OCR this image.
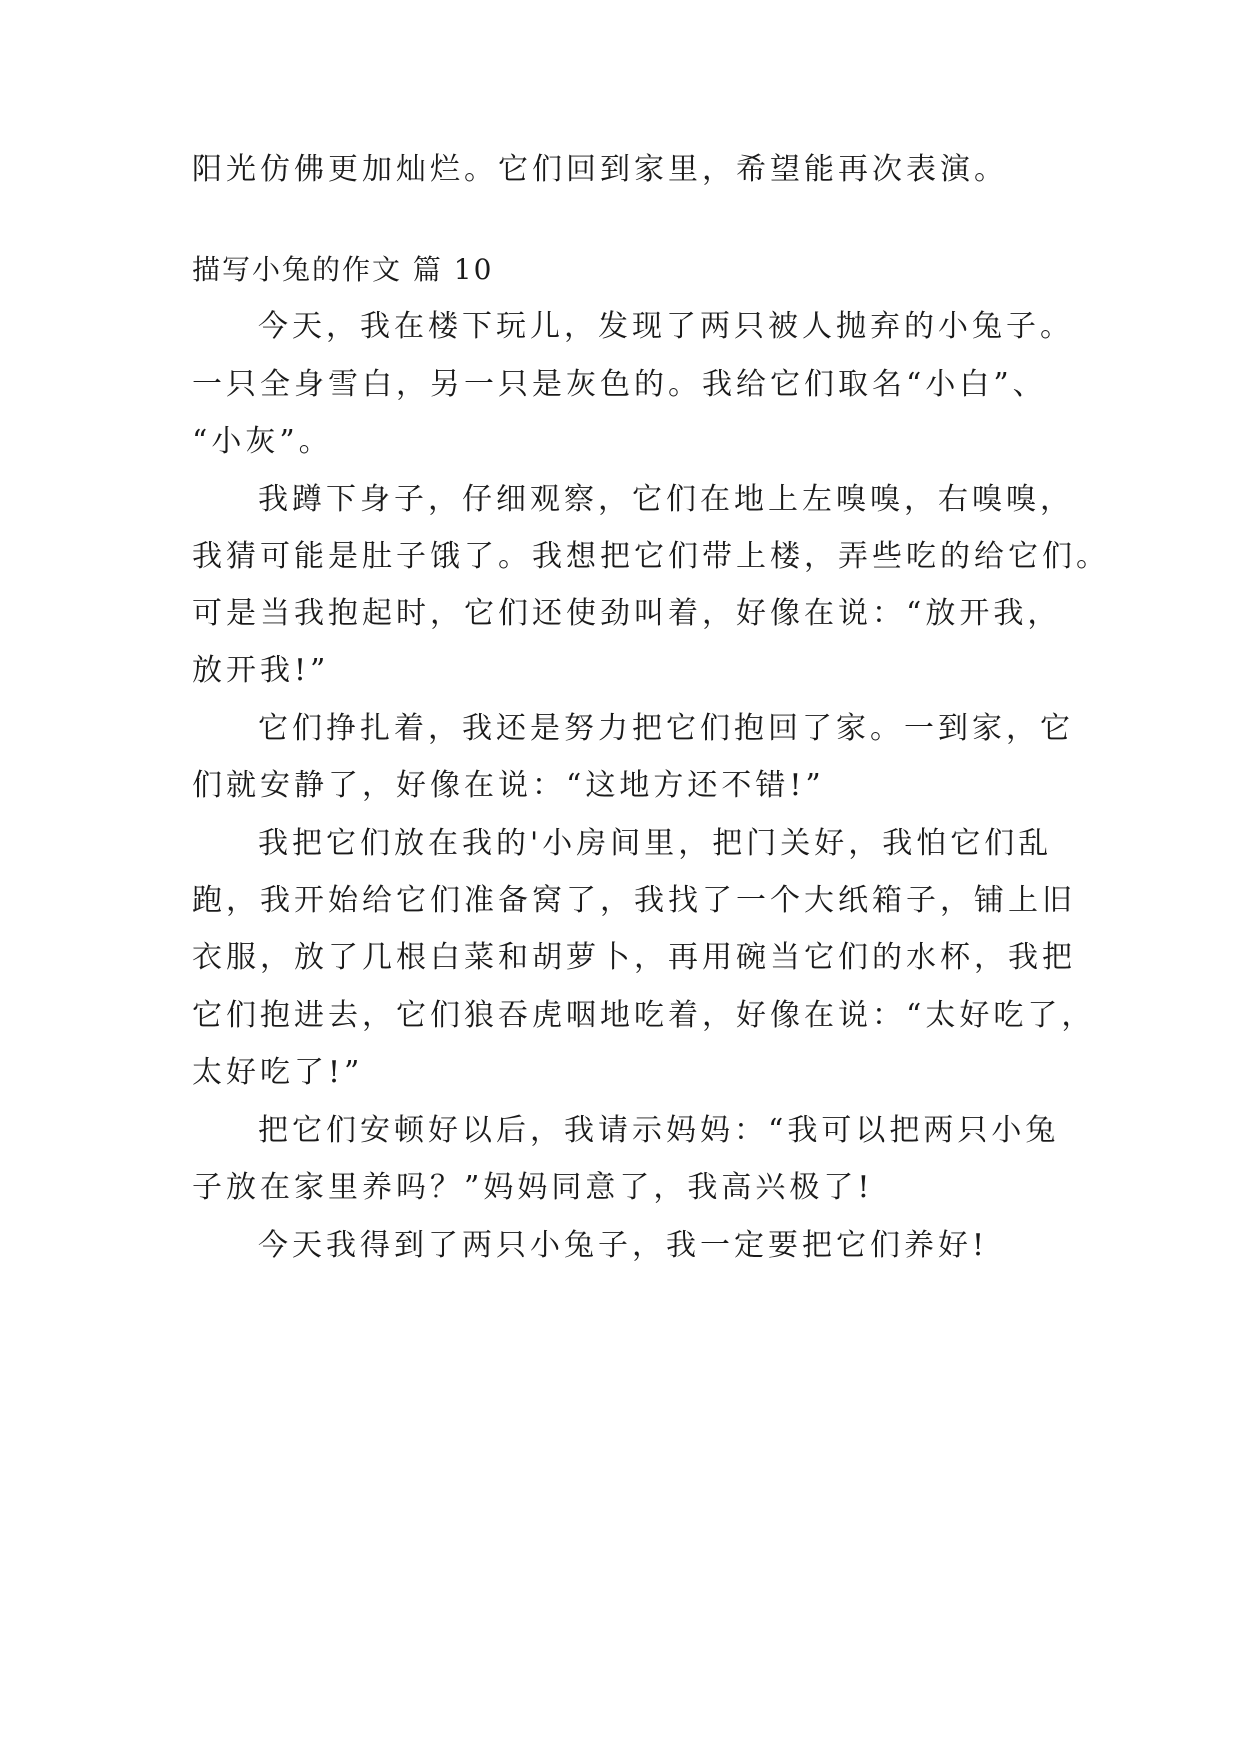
阳光仿佛更加灿烂。它们回到家里，希望能再次表演。
描写小兔的作文 篇 10
今天，我在楼下玩儿，发现了两只被人抛弃的小兔子。
一只全身雪白，另一只是灰色的。我给它们取名“小白”、
“小灰”。
我蹲下身子，仔细观察，它们在地上左嗅嗅，右嗅嗅，
我猜可能是肚子饿了。我想把它们带上楼，弄些吃的给它们。
可是当我抱起时，它们还使劲叫着，好像在说：“放开我，
放开我!”
它们挣扎着，我还是努力把它们抱回了家。一到家，它
们就安静了，好像在说：“这地方还不错!”
我把它们放在我的'小房间里，把门关好，我怕它们乱
跑，我开始给它们准备窝了，我找了一个大纸箱子，铺上旧
衣服，放了几根白菜和胡萝卜，再用碗当它们的水杯，我把
它们抱进去，它们狼吞虎咽地吃着，好像在说：“太好吃了，
太好吃了!”
把它们安顿好以后，我请示妈妈：“我可以把两只小兔
子放在家里养吗？”妈妈同意了，我高兴极了!
今天我得到了两只小兔子，我一定要把它们养好!
